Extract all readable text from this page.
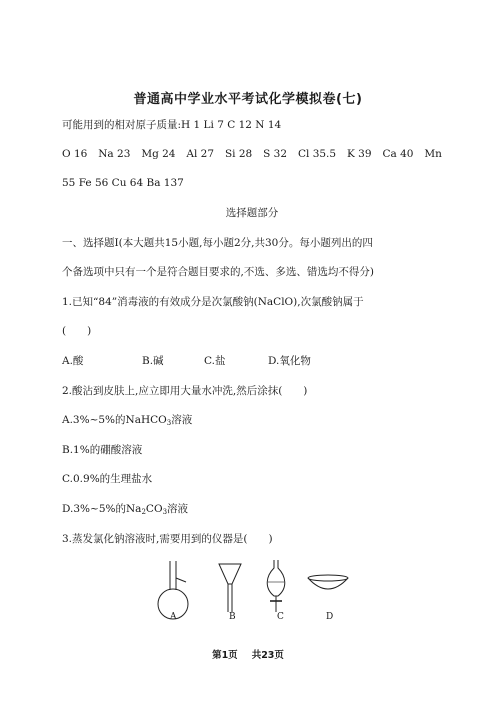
普通高中学业水平考试化学模拟卷(七)
可能用到的相对原子质量:H 1 Li 7 C 12 N 14
O 16 Na 23 Mg 24 Al 27 Si 28 S 32 Cl 35.5 K 39 Ca 40 Mn
55 Fe 56 Cu 64 Ba 137
选择题部分
一、选择题Ⅰ(本大题共15小题,每小题2分,共30分。每小题列出的四
个备选项中只有一个是符合题目要求的,不选、多选、错选均不得分)
1.已知“84”消毒液的有效成分是次氯酸钠(NaClO),次氯酸钠属于
(　　)
A.酸	B.碱	C.盐	D.氧化物
2.酸沾到皮肤上,应立即用大量水冲洗,然后涂抹(　　)
A.3%~5%的NaHCO$_3$溶液
B.1%的硼酸溶液
C.0.9%的生理盐水
D.3%~5%的$Na_2CO_3$溶液
3.蒸发氯化钠溶液时,需要用到的仪器是(　　)
A	B	C	D
第1页 共23页
